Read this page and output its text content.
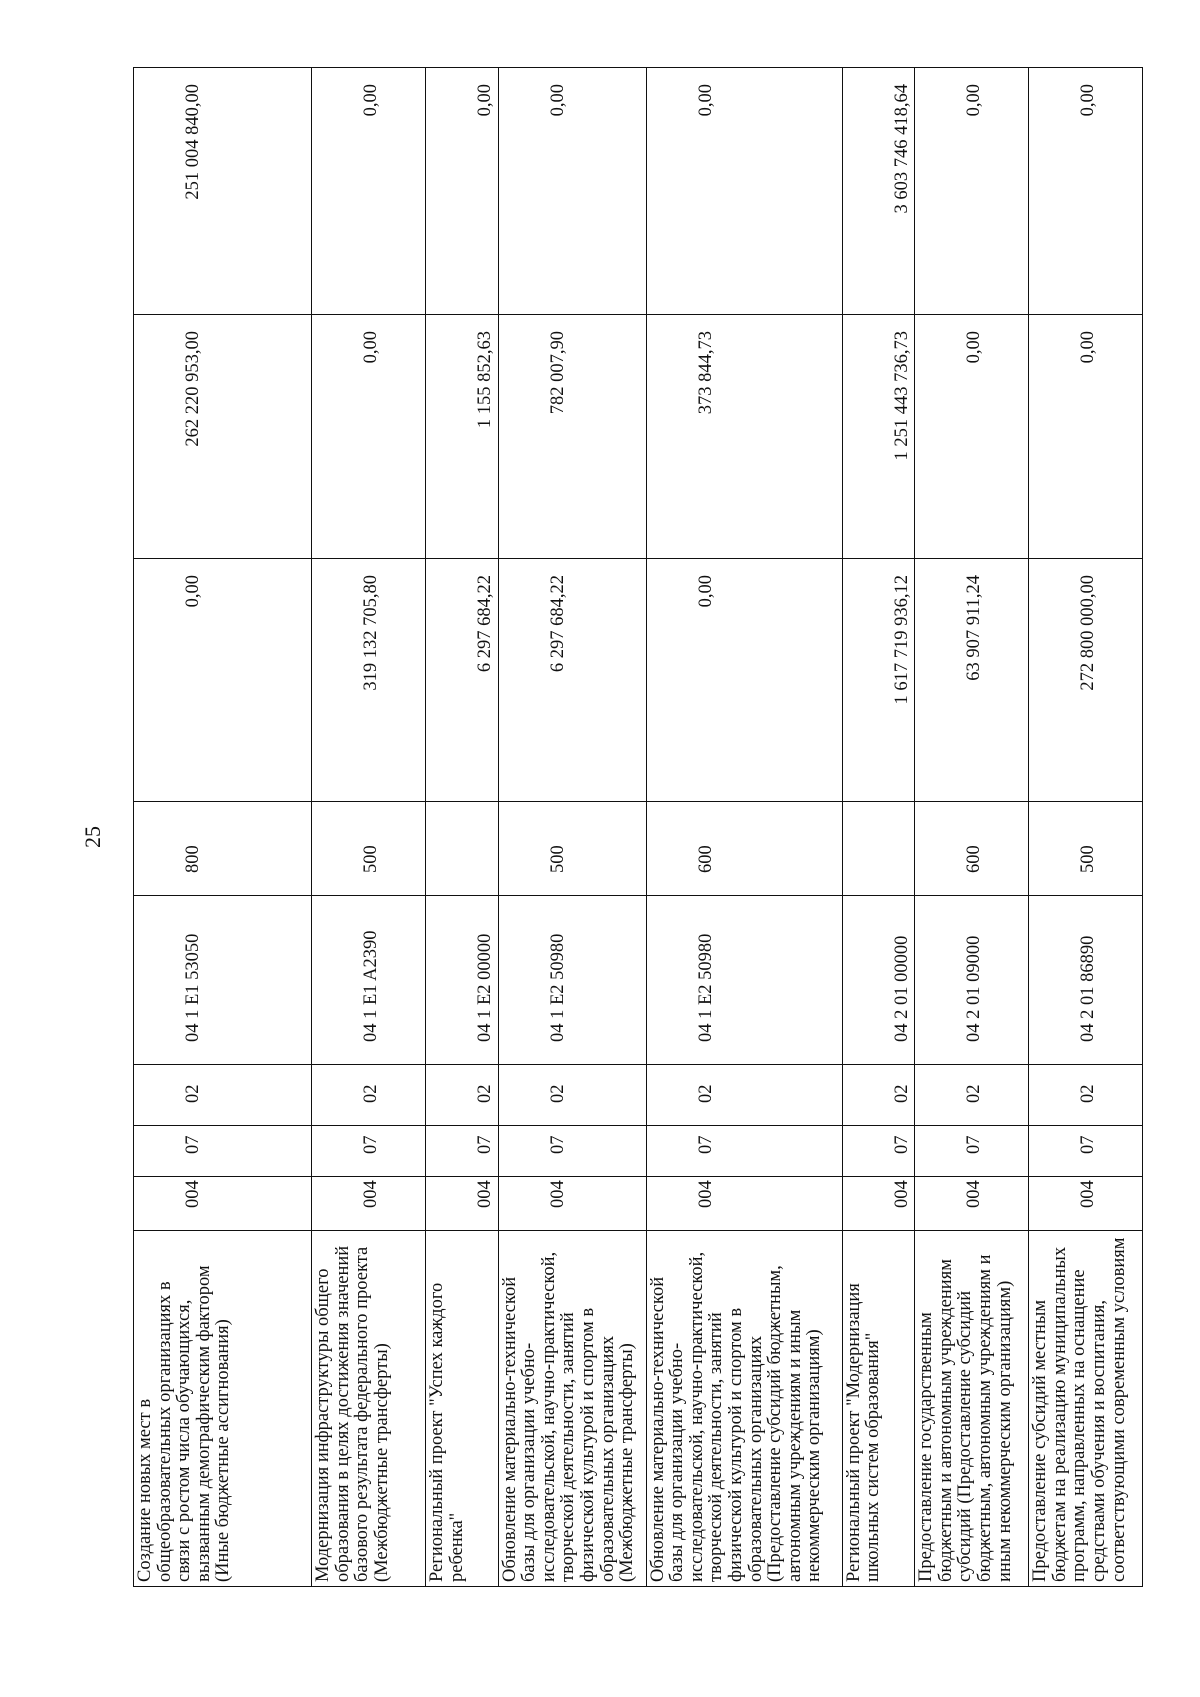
25
Создание новых мест в общеобразовательных организациях в связи с ростом числа обучающихся, вызванным демографическим фактором (Иные бюджетные ассигнования)	004	07	02	04 1 E1 53050	800	0,00	262 220 953,00	251 004 840,00
Модернизация инфраструктуры общего образования в целях достижения значений базового результата федерального проекта (Межбюджетные трансферты)	004	07	02	04 1 E1 A2390	500	319 132 705,80	0,00	0,00
Региональный проект "Успех каждого ребенка"	004	07	02	04 1 E2 00000		6 297 684,22	1 155 852,63	0,00
Обновление материально-технической базы для организации учебно-исследовательской, научно-практической, творческой деятельности, занятий физической культурой и спортом в образовательных организациях (Межбюджетные трансферты)	004	07	02	04 1 E2 50980	500	6 297 684,22	782 007,90	0,00
Обновление материально-технической базы для организации учебно-исследовательской, научно-практической, творческой деятельности, занятий физической культурой и спортом в образовательных организациях (Предоставление субсидий бюджетным, автономным учреждениям и иным некоммерческим организациям)	004	07	02	04 1 E2 50980	600	0,00	373 844,73	0,00
Региональный проект "Модернизация школьных систем образования"	004	07	02	04 2 01 00000		1 617 719 936,12	1 251 443 736,73	3 603 746 418,64
Предоставление государственным бюджетным и автономным учреждениям субсидий (Предоставление субсидий бюджетным, автономным учреждениям и иным некоммерческим организациям)	004	07	02	04 2 01 09000	600	63 907 911,24	0,00	0,00
Предоставление субсидий местным бюджетам на реализацию муниципальных программ, направленных на оснащение средствами обучения и воспитания, соответствующими современным условиям	004	07	02	04 2 01 86890	500	272 800 000,00	0,00	0,00
